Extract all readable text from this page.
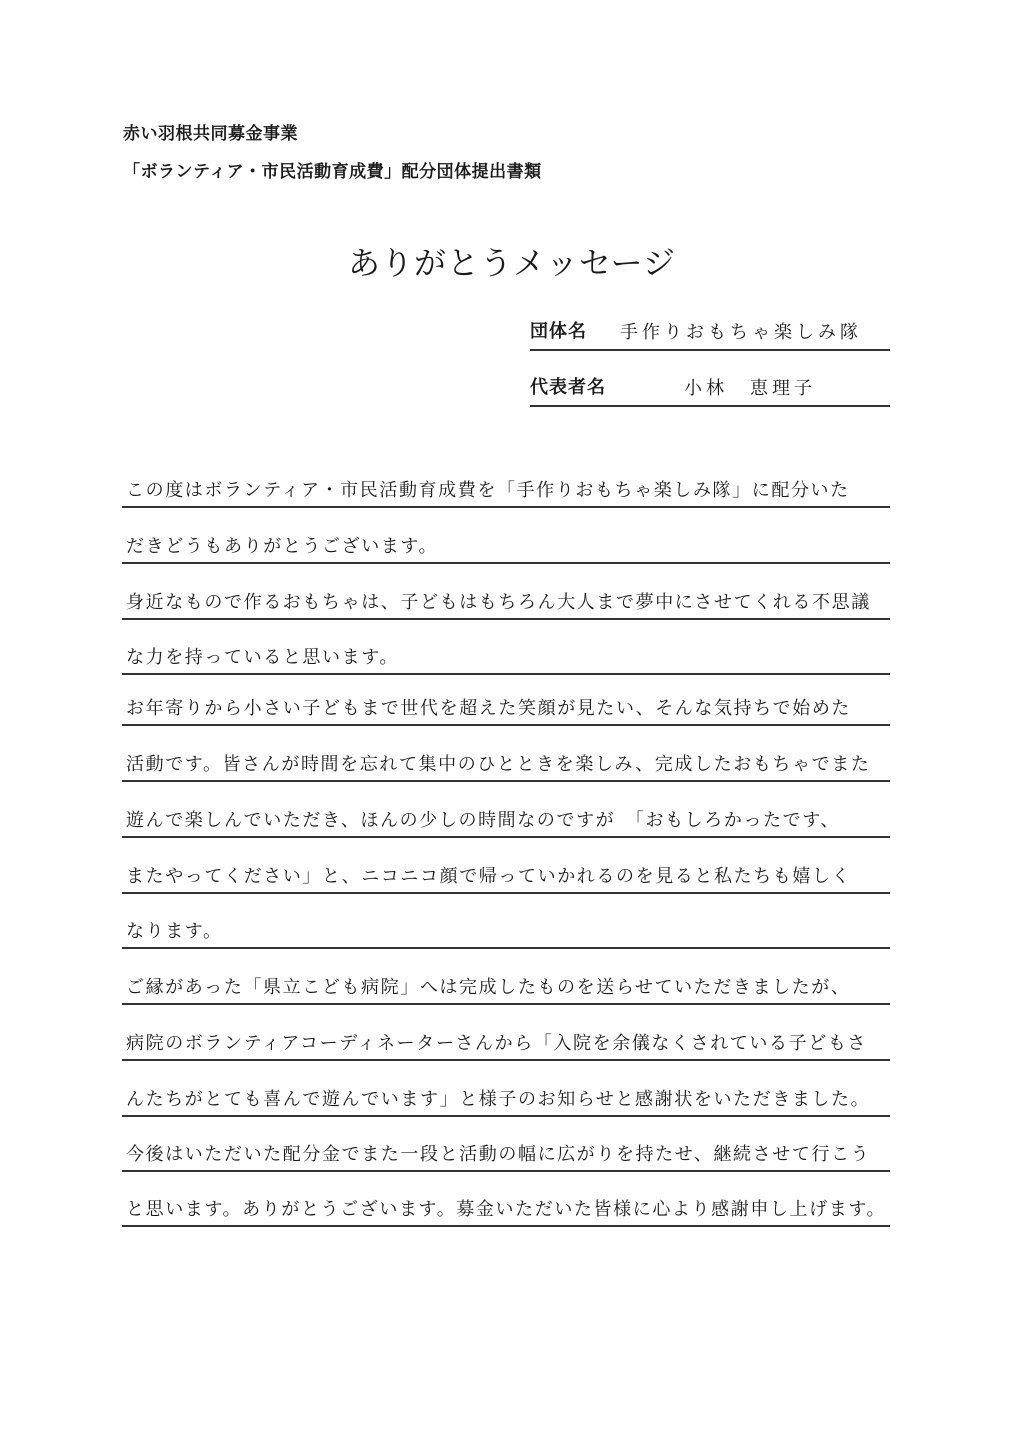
赤い羽根共同募金事業
「ボランティア・市民活動育成費」配分団体提出書類
ありがとうメッセージ
団体名 手作りおもちゃ楽しみ隊
代表者名	小林　恵理子
この度はボランティア・市民活動育成費を「手作りおもちゃ楽しみ隊」に配分いた
だきどうもありがとうございます。
身近なもので作るおもちゃは、子どもはもちろん大人まで夢中にさせてくれる不思議
な力を持っていると思います。
お年寄りから小さい子どもまで世代を超えた笑顔が見たい、そんな気持ちで始めた
活動です。皆さんが時間を忘れて集中のひとときを楽しみ、完成したおもちゃでまた
遊んで楽しんでいただき、ほんの少しの時間なのですが　「おもしろかったです、
またやってください」と、ニコニコ顔で帰っていかれるのを見ると私たちも嬉しく
なります。
ご縁があった「県立こども病院」へは完成したものを送らせていただきましたが、
病院のボランティアコーディネーターさんから「入院を余儀なくされている子どもさ
んたちがとても喜んで遊んでいます」と様子のお知らせと感謝状をいただきました。
今後はいただいた配分金でまた一段と活動の幅に広がりを持たせ、継続させて行こう
と思います。ありがとうございます。募金いただいた皆様に心より感謝申し上げます。
